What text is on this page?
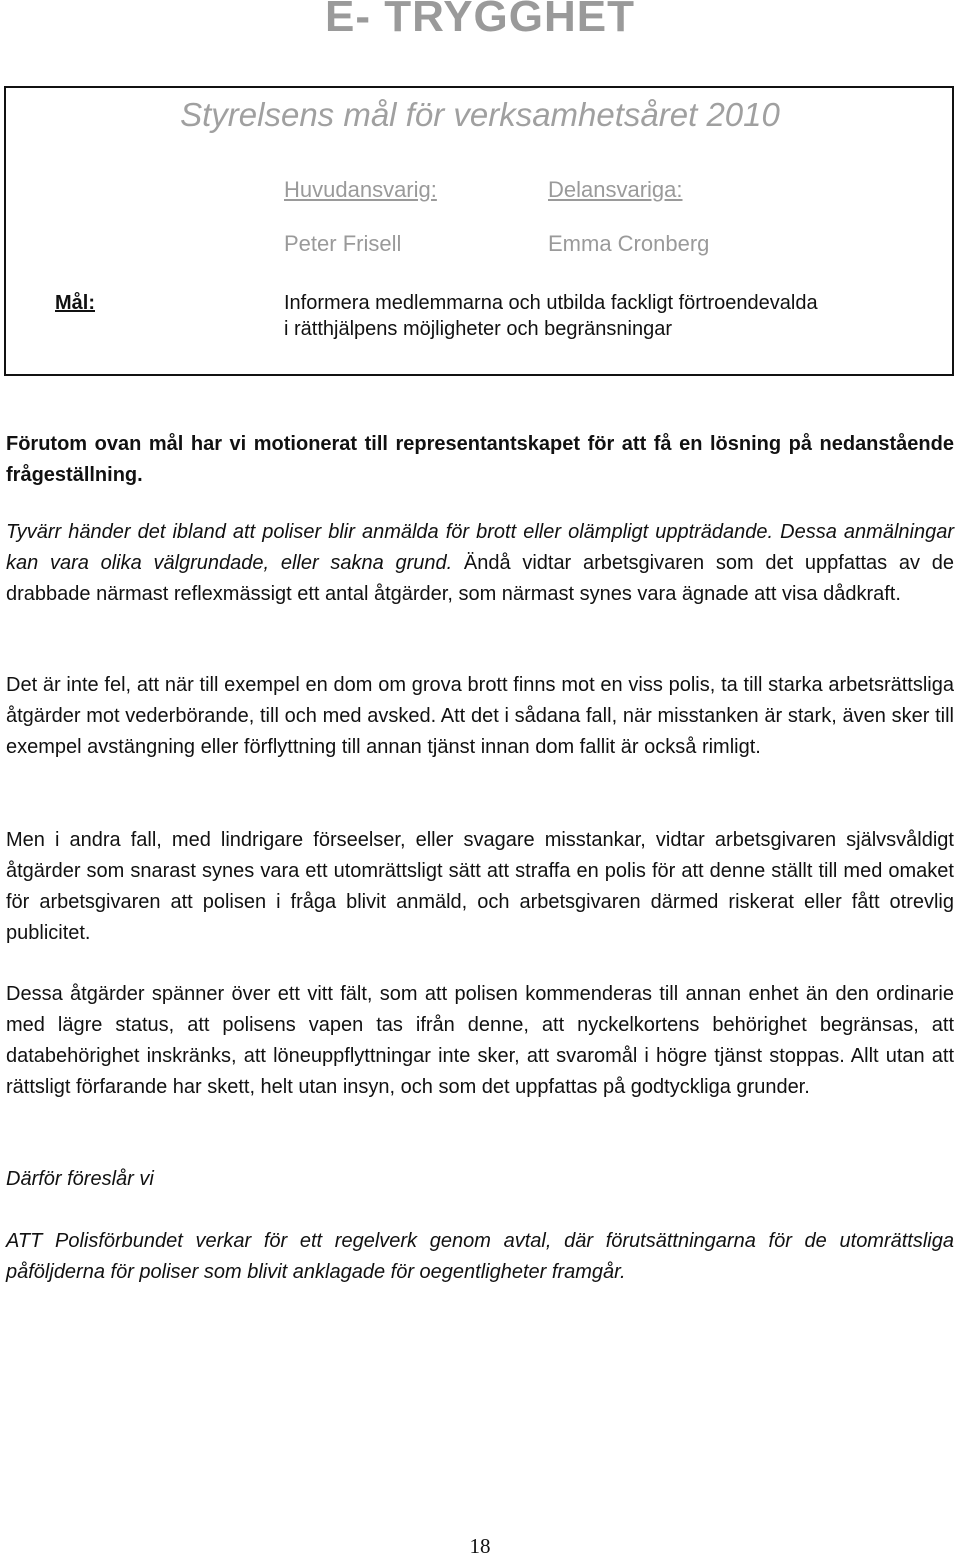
E- TRYGGHET

Styrelsens mål för verksamhetsåret 2010

Huvudansvarig:	Delansvariga:
Peter Frisell	Emma Cronberg
Mål:	Informera medlemmarna och utbilda fackligt förtroendevalda
i rätthjälpens möjligheter och begränsningar

Förutom ovan mål har vi motionerat till representantskapet för att få en lösning på nedanstående frågeställning.

Tyvärr händer det ibland att poliser blir anmälda för brott eller olämpligt uppträdande. Dessa anmälningar kan vara olika välgrundade, eller sakna grund. Ändå vidtar arbetsgivaren som det uppfattas av de drabbade närmast reflexmässigt ett antal åtgärder, som närmast synes vara ägnade att visa dådkraft.

Det är inte fel, att när till exempel en dom om grova brott finns mot en viss polis, ta till starka arbetsrättsliga åtgärder mot vederbörande, till och med avsked. Att det i sådana fall, när misstanken är stark, även sker till exempel avstängning eller förflyttning till annan tjänst innan dom fallit är också rimligt.

Men i andra fall, med lindrigare förseelser, eller svagare misstankar, vidtar arbetsgivaren självsvåldigt åtgärder som snarast synes vara ett utomrättsligt sätt att straffa en polis för att denne ställt till med omaket för arbetsgivaren att polisen i fråga blivit anmäld, och arbetsgivaren därmed riskerat eller fått otrevlig publicitet.

Dessa åtgärder spänner över ett vitt fält, som att polisen kommenderas till annan enhet än den ordinarie med lägre status, att polisens vapen tas ifrån denne, att nyckelkortens behörighet begränsas, att databehörighet inskränks, att löneuppflyttningar inte sker, att svaromål i högre tjänst stoppas. Allt utan att rättsligt förfarande har skett, helt utan insyn, och som det uppfattas på godtyckliga grunder.

Därför föreslår vi

ATT Polisförbundet verkar för ett regelverk genom avtal, där förutsättningarna för de utomrättsliga påföljderna för poliser som blivit anklagade för oegentligheter framgår.

18
